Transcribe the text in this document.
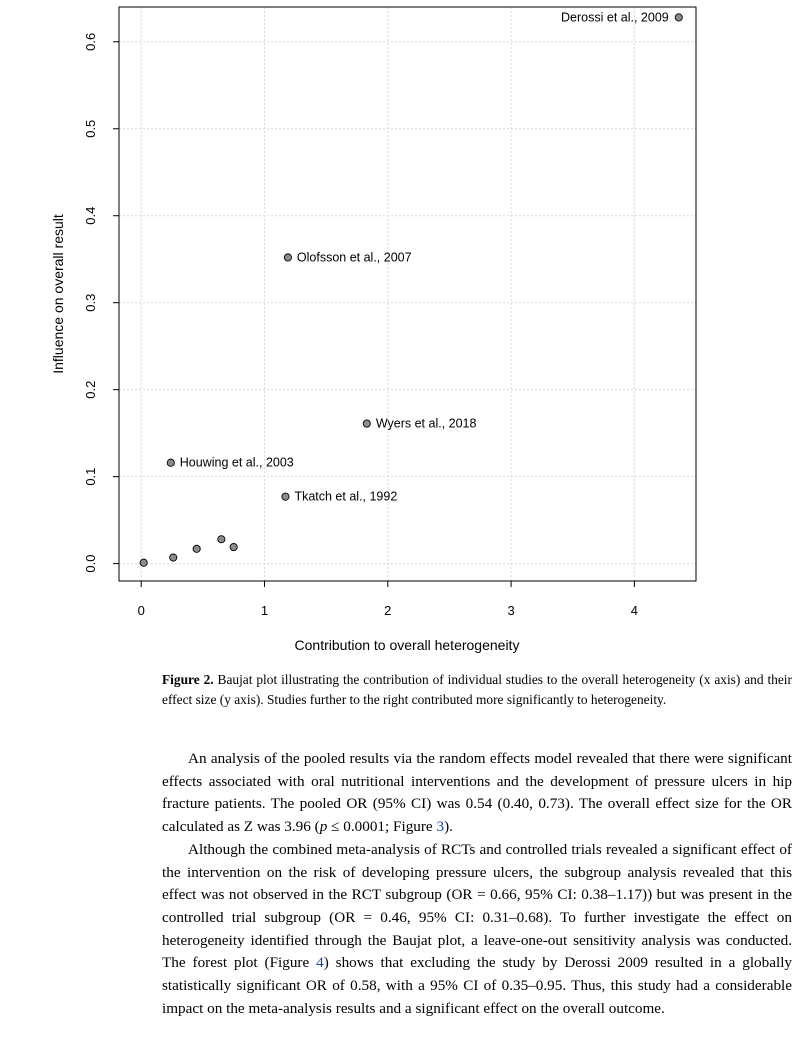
0	1	2	3	4
0.0
0.1
0.2
0.3
0.4
0.5
0.6
Derossi et al., 2009
Olofsson et al., 2007
Wyers et al., 2018
Houwing et al., 2003
Tkatch et al., 1992
Contribution to overall heterogeneity
Influence on overall result
Figure 2. Baujat plot illustrating the contribution of individual studies to the overall heterogeneity (x axis) and their effect size (y axis). Studies further to the right contributed more significantly to heterogeneity.

An analysis of the pooled results via the random effects model revealed that there were significant effects associated with oral nutritional interventions and the development of pressure ulcers in hip fracture patients. The pooled OR (95% CI) was 0.54 (0.40, 0.73). The overall effect size for the OR calculated as Z was 3.96 (p ≤ 0.0001; Figure 3).

Although the combined meta-analysis of RCTs and controlled trials revealed a significant effect of the intervention on the risk of developing pressure ulcers, the subgroup analysis revealed that this effect was not observed in the RCT subgroup (OR = 0.66, 95% CI: 0.38–1.17)) but was present in the controlled trial subgroup (OR = 0.46, 95% CI: 0.31–0.68). To further investigate the effect on heterogeneity identified through the Baujat plot, a leave-one-out sensitivity analysis was conducted. The forest plot (Figure 4) shows that excluding the study by Derossi 2009 resulted in a globally statistically significant OR of 0.58, with a 95% CI of 0.35–0.95. Thus, this study had a considerable impact on the meta-analysis results and a significant effect on the overall outcome.
